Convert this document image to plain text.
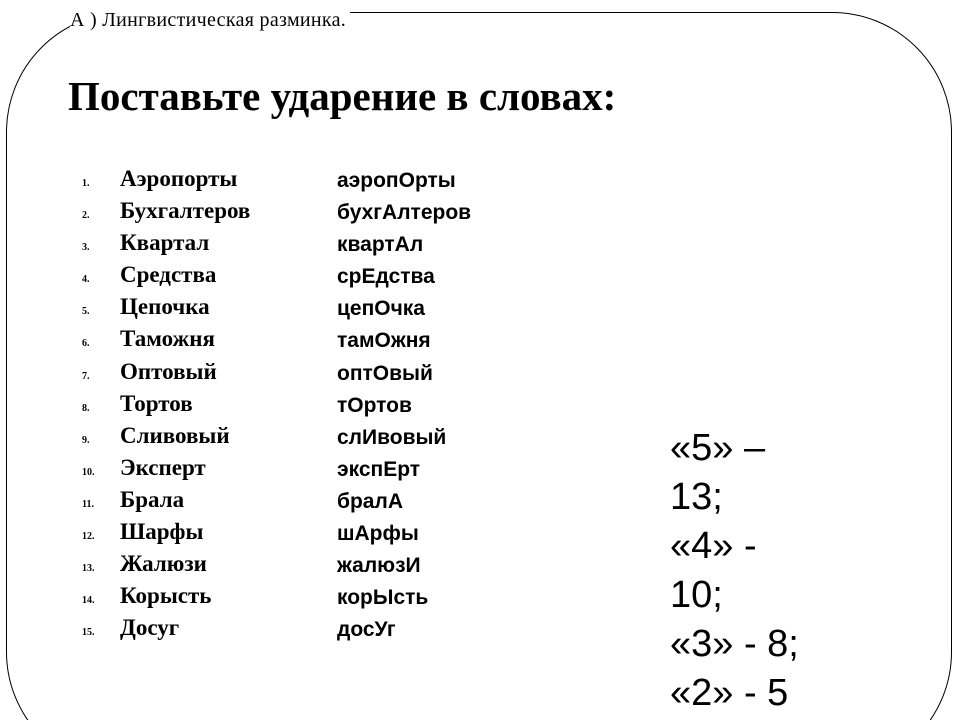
А ) Лингвистическая разминка.
Поставьте ударение в словах:
1. Аэропорты
2. Бухгалтеров
3. Квартал
4. Средства
5. Цепочка
6. Таможня
7. Оптовый
8. Тортов
9. Сливовый
10. Эксперт
11. Брала
12. Шарфы
13. Жалюзи
14. Корысть
15. Досуг
аэропОрты
бухгАлтеров
квартАл
срЕдства
цепОчка
тамОжня
оптОвый
тОртов
слИвовый
экспЕрт
бралА
шАрфы
жалюзИ
корЫсть
досУг
«5» –
13;
«4» -
10;
«3» - 8;
«2» - 5
